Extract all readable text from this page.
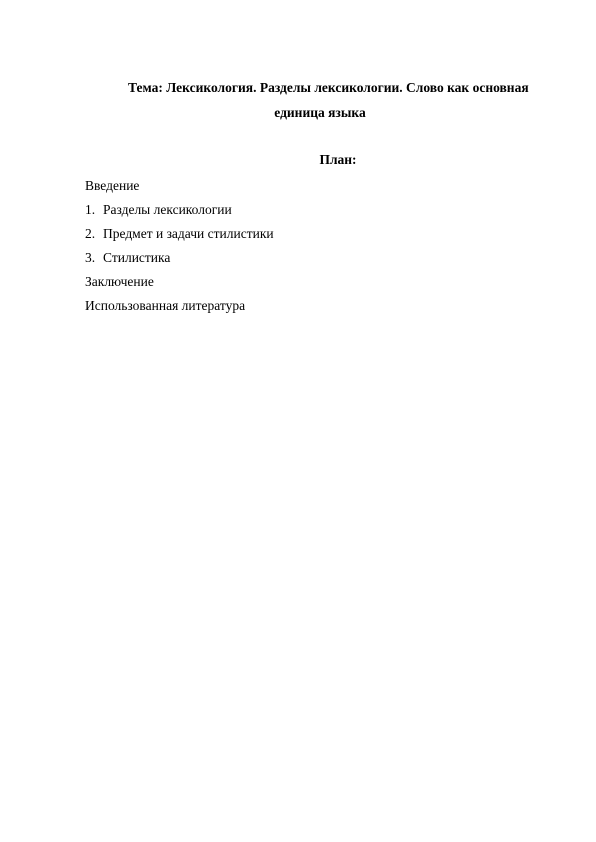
Тема: Лексикология. Разделы лексикологии. Слово как основная
единица языка
План:
Введение
1. Разделы лексикологии
2. Предмет и задачи стилистики
3. Стилистика
Заключение
Использованная литература
